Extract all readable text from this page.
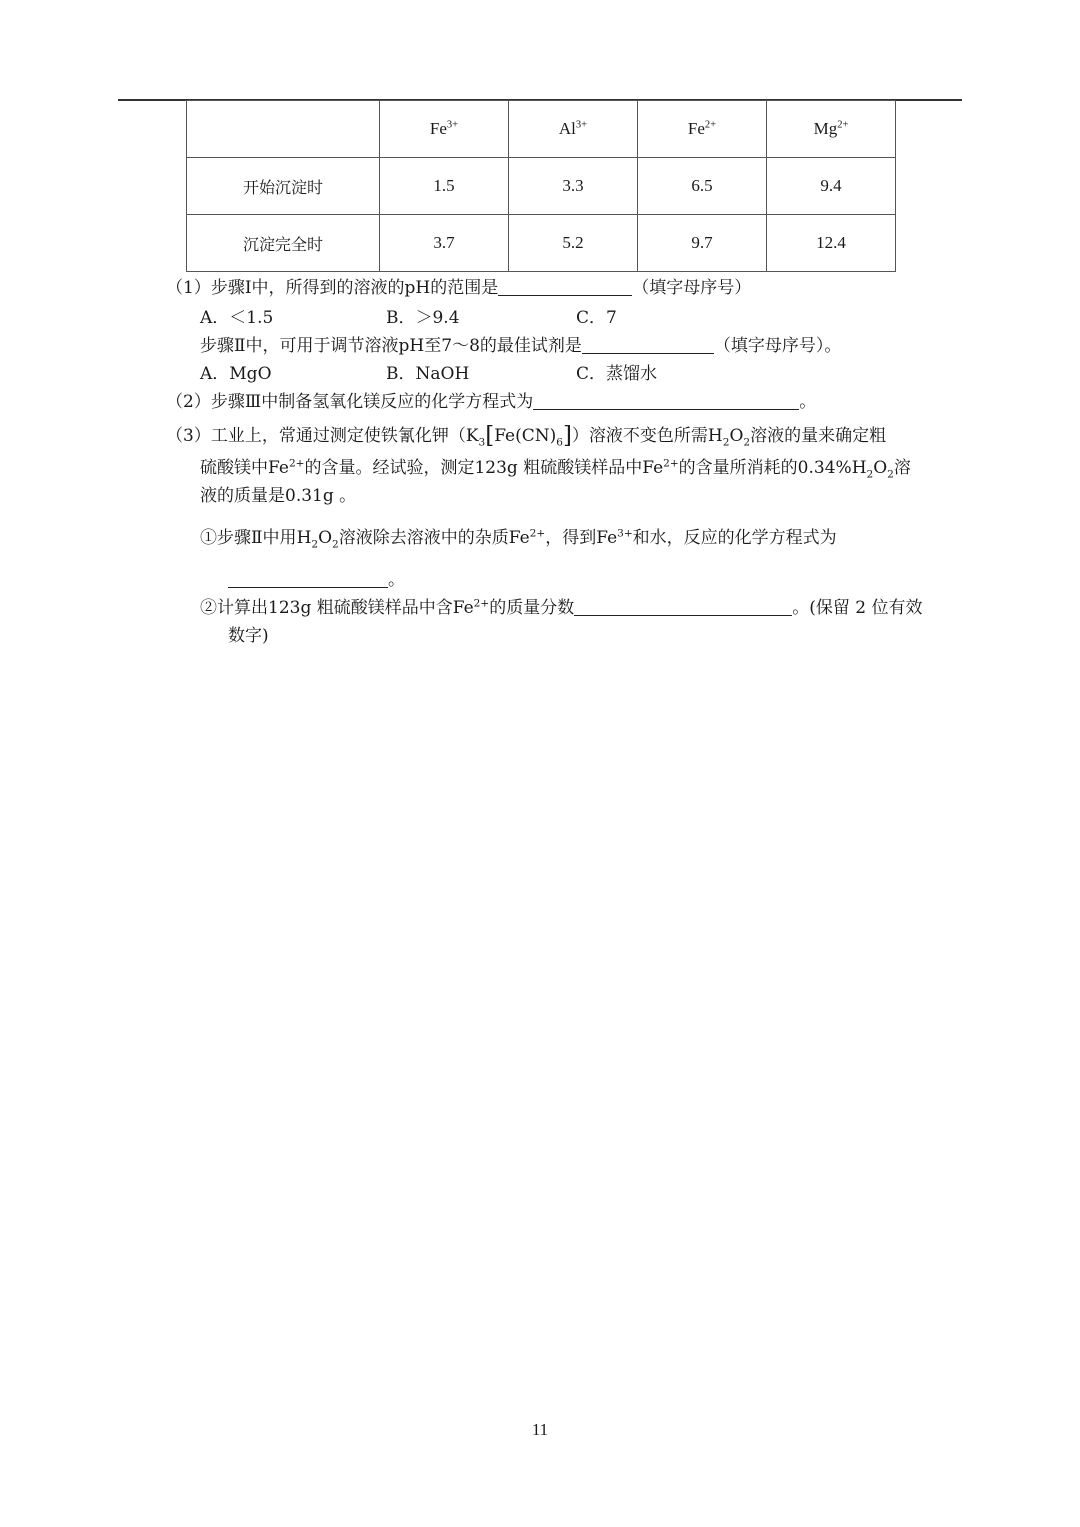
	$Fe^{3+}$	$Al^{3+}$	$Fe^{2+}$	$Mg^{2+}$
开始沉淀时	1.5	3.3	6.5	9.4
沉淀完全时	3.7	5.2	9.7	12.4
（1）步骤Ⅰ中，所得到的溶液的pH的范围是	（填字母序号）
A．＜1.5	B．＞9.4	C．7
步骤Ⅱ中，可用于调节溶液pH至7～8的最佳试剂是	（填字母序号）。
A．MgO	B．NaOH	C．蒸馏水
（2）步骤Ⅲ中制备氢氧化镁反应的化学方程式为	。
（3）工业上，常通过测定使铁氰化钾$(K_3[Fe(CN)_6])$溶液不变色所需$H_2O_2$溶液的量来确定粗
硫酸镁中$Fe^{2+}$的含量。经试验，测定123g 粗硫酸镁样品中$Fe^{2+}$的含量所消耗的$0.34\%H_2O_2$溶
液的质量是0.31g 。
①步骤Ⅱ中用$H_2O_2$溶液除去溶液中的杂质$Fe^{2+}$，得到$Fe^{3+}$和水，反应的化学方程式为
。
②计算出123g 粗硫酸镁样品中含$Fe^{2+}$的质量分数	。(保留 2 位有效
数字)
11
